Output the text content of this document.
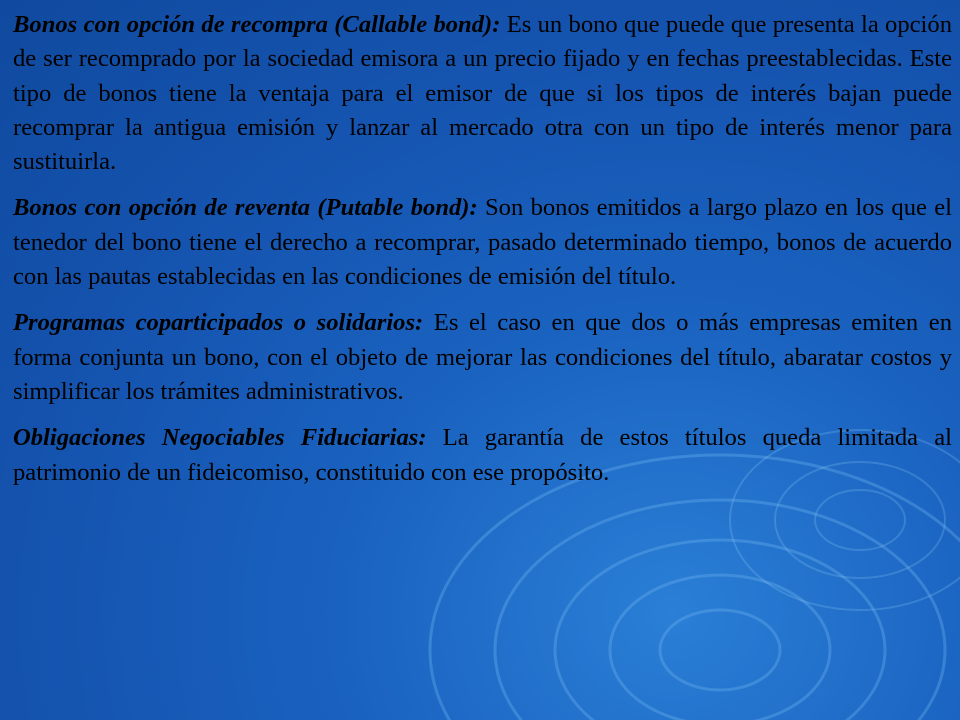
Bonos con opción de recompra (Callable bond): Es un bono que puede que presenta la opción de ser recomprado por la sociedad emisora a un precio fijado y en fechas preestablecidas. Este tipo de bonos tiene la ventaja para el emisor de que si los tipos de interés bajan puede recomprar la antigua emisión y lanzar al mercado otra con un tipo de interés menor para sustituirla.

Bonos con opción de reventa (Putable bond): Son bonos emitidos a largo plazo en los que el tenedor del bono tiene el derecho a recomprar, pasado determinado tiempo, bonos de acuerdo con las pautas establecidas en las condiciones de emisión del título.

Programas coparticipados o solidarios: Es el caso en que dos o más empresas emiten en forma conjunta un bono, con el objeto de mejorar las condiciones del título, abaratar costos y simplificar los trámites administrativos.

Obligaciones Negociables Fiduciarias: La garantía de estos títulos queda limitada al patrimonio de un fideicomiso, constituido con ese propósito.
